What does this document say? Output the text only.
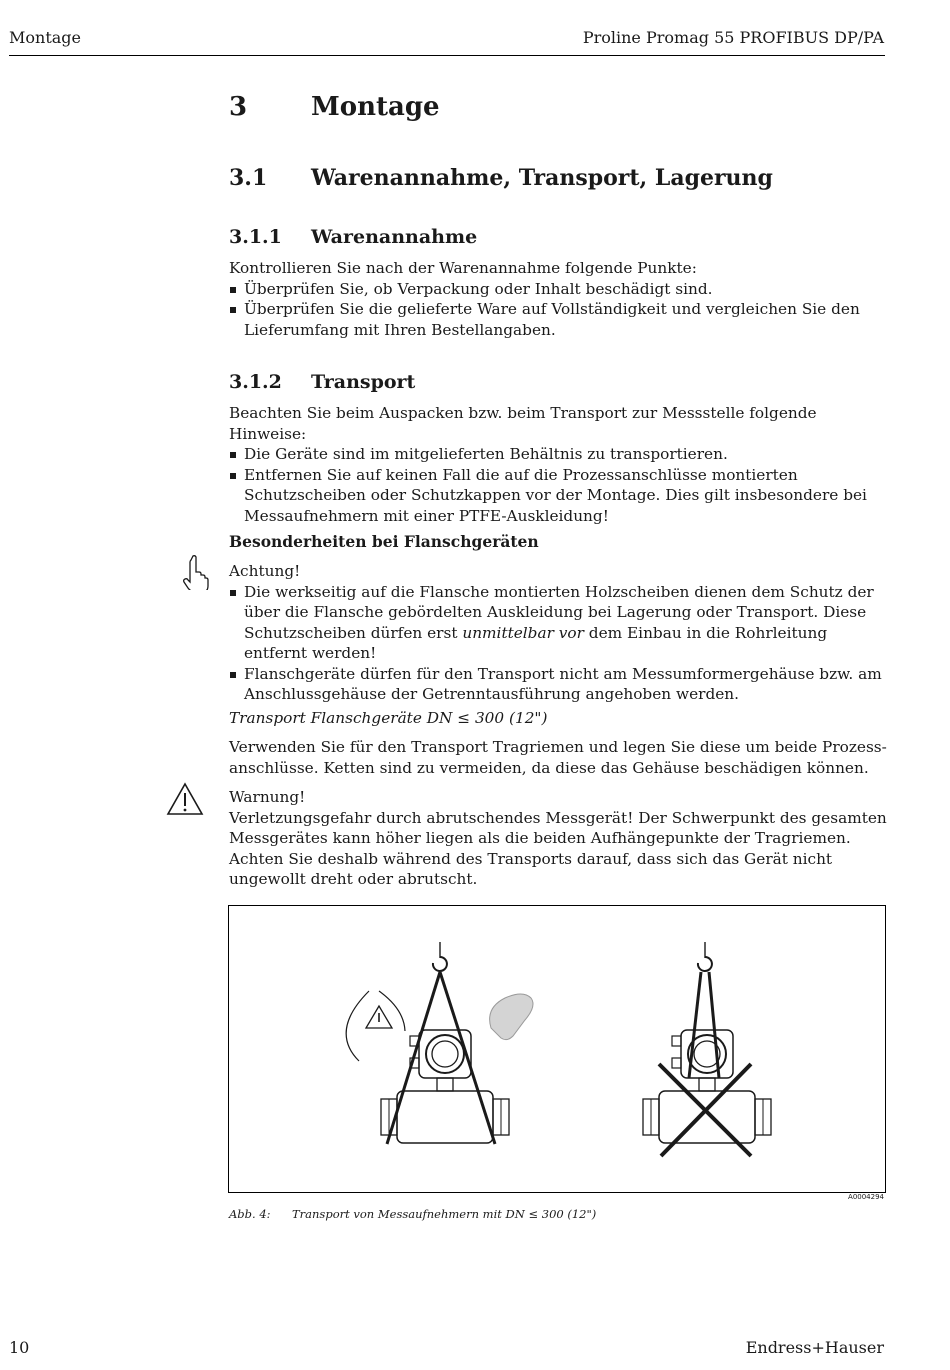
Montage	Proline Promag 55 PROFIBUS DP/PA
3 Montage
3.1 Warenannahme, Transport, Lagerung
3.1.1 Warenannahme

Kontrollieren Sie nach der Warenannahme folgende Punkte:

Überprüfen Sie, ob Verpackung oder Inhalt beschädigt sind.
Überprüfen Sie die gelieferte Ware auf Vollständigkeit und vergleichen Sie den Lieferumfang mit Ihren Bestellangaben.
3.1.2 Transport

Beachten Sie beim Auspacken bzw. beim Transport zur Messstelle folgende Hinweise:

Die Geräte sind im mitgelieferten Behältnis zu transportieren.
Entfernen Sie auf keinen Fall die auf die Prozessanschlüsse montierten Schutzscheiben oder Schutzkappen vor der Montage. Dies gilt insbesondere bei Messaufnehmern mit einer PTFE-Auskleidung!
Besonderheiten bei Flanschgeräten

Achtung!

Die werkseitig auf die Flansche montierten Holzscheiben dienen dem Schutz der über die Flansche gebördelten Auskleidung bei Lagerung oder Transport. Diese Schutzscheiben dürfen erst unmittelbar vor dem Einbau in die Rohrleitung entfernt werden!
Flanschgeräte dürfen für den Transport nicht am Messumformergehäuse bzw. am Anschlussgehäuse der Getrenntausführung angehoben werden.
Transport Flanschgeräte DN ≤ 300 (12")
Verwenden Sie für den Transport Tragriemen und legen Sie diese um beide Prozess-anschlüsse. Ketten sind zu vermeiden, da diese das Gehäuse beschädigen können.

Warnung!

Verletzungsgefahr durch abrutschendes Messgerät! Der Schwerpunkt des gesamten Messgerätes kann höher liegen als die beiden Aufhängepunkte der Tragriemen.

Achten Sie deshalb während des Transports darauf, dass sich das Gerät nicht ungewollt dreht oder abrutscht.

A0004294
Abb. 4: Transport von Messaufnehmern mit DN ≤ 300 (12")
10	Endress+Hauser
